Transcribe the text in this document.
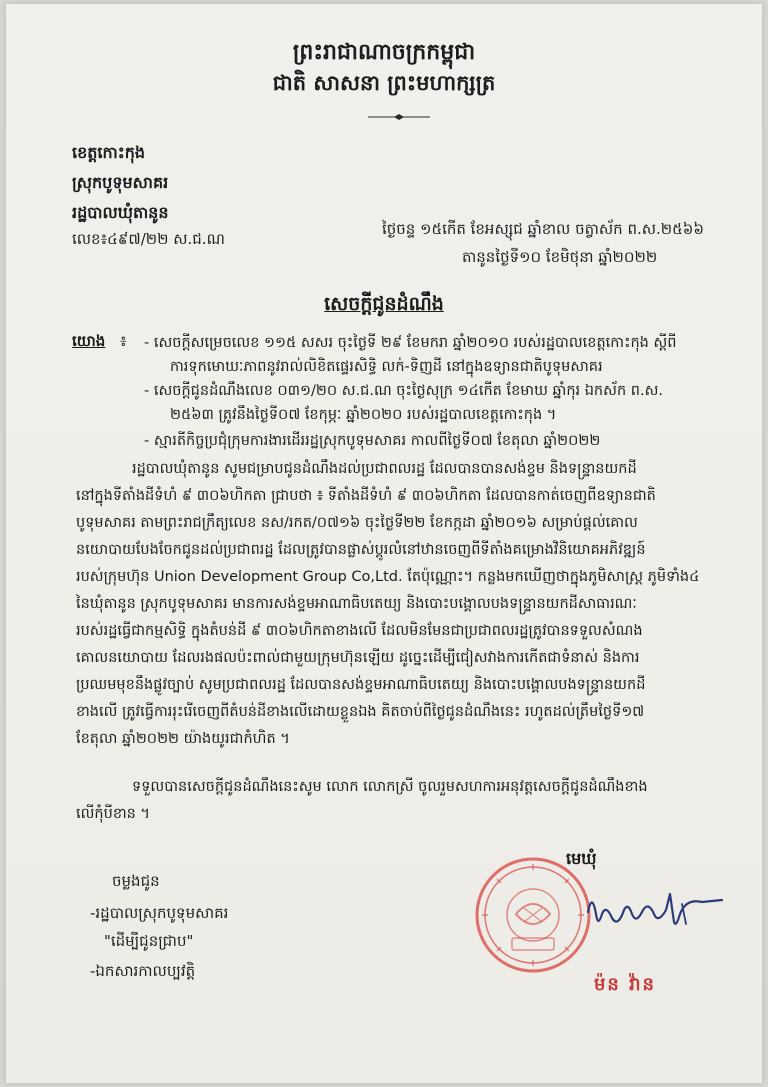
ព្រះរាជាណាចក្រកម្ពុជា
ជាតិ សាសនា ព្រះមហាក្សត្រ
ខេត្តកោះកុង
ស្រុកបូទុមសាគរ
រដ្ឋបាលឃុំតានូន
លេខ៖៤៩៧/២២ ស.ជ.ណ
ថ្ងៃចន្ទ ១៥កើត ខែអស្សុជ ឆ្នាំខាល ចត្វាស័ក ព.ស.២៥៦៦
តានូនថ្ងៃទី១០ ខែមិថុនា ឆ្នាំ២០២២
សេចក្តីជូនដំណឹង
យោង ៖ - សេចក្តីសម្រេចលេខ ១១៥ សសរ ចុះថ្ងៃទី ២៩ ខែមករា ឆ្នាំ២០១០ របស់រដ្ឋបាលខេត្តកោះកុង ស្តីពី
ការទុកមោឃៈភាពនូវរាល់លិខិតផ្ទេរសិទ្ធិ លក់-ទិញដី នៅក្នុងឧទ្យានជាតិបូទុមសាគរ
- សេចក្តីជូនដំណឹងលេខ ០៣១/២០ ស.ជ.ណ ចុះថ្ងៃសុក្រ ១៤កើត ខែមាឃ ឆ្នាំកុរ ឯកស័ក ព.ស.
២៥៦៣ ត្រូវនឹងថ្ងៃទី០៧ ខែកុម្ភៈ ឆ្នាំ២០២០ របស់រដ្ឋបាលខេត្តកោះកុង ។
- ស្មារតីកិច្ចប្រជុំក្រុមការងារដើររដ្ឋស្រុកបូទុមសាគរ កាលពីថ្ងៃទី០៧ ខែតុលា ឆ្នាំ២០២២
រដ្ឋបាលឃុំតានូន សូមជម្រាបជូនដំណឹងដល់ប្រជាពលរដ្ឋ ដែលបានបានសង់ខ្ទម និងទន្ទ្រានយកដី
នៅក្នុងទីតាំងដីទំហំ ៩ ៣០៦ហិកតា ជ្រាបថា ៖ ទីតាំងដីទំហំ ៩ ៣០៦ហិកតា ដែលបានកាត់ចេញពីឧទ្យានជាតិ
បូទុមសាគរ តាមព្រះរាជក្រឹត្យលេខ នស/រកត/០៧១៦ ចុះថ្ងៃទី២២ ខែកក្កដា ឆ្នាំ២០១៦ សម្រាប់ផ្តល់គោល
នយោបាយបែងចែកជូនដល់ប្រជាពរដ្ឋ ដែលត្រូវបានផ្លាស់ប្តូរលំនៅឋានចេញពីទីតាំងគម្រោងវិនិយោគអភិវឌ្ឍន៍
របស់ក្រុមហ៊ុន Union Development Group Co,Ltd. តែប៉ុណ្ណោះ។ កន្លងមកឃើញថាក្នុងភូមិសាស្ត្រ ភូមិទាំង៤
នៃឃុំតានូន ស្រុកបូទុមសាគរ មានការសង់ខ្ទមអាណាធិបតេយ្យ និងបោះបង្គោលបងទន្ទ្រានយកដីសាធារណៈ
របស់រដ្ឋធ្វើជាកម្មសិទ្ធិ ក្នុងតំបន់ដី ៩ ៣០៦ហិកតាខាងលើ ដែលមិនមែនជាប្រជាពលរដ្ឋត្រូវបានទទួលសំណង
គោលនយោបាយ ដែលរងផលប៉ះពាល់ជាមួយក្រុមហ៊ុនឡើយ ដូច្នេះដើម្បីជៀសវាងការកើតជាទំនាស់ និងការ
ប្រឈមមុខនឹងផ្លូវច្បាប់ សូមប្រជាពលរដ្ឋ ដែលបានសង់ខ្ទមអាណាធិបតេយ្យ និងបោះបង្គោលបងទន្ទ្រានយកដី
ខាងលើ ត្រូវធ្វើការរុះរើចេញពីតំបន់ដីខាងលើដោយខ្លួនឯង គិតចាប់ពីថ្ងៃជូនដំណឹងនេះ រហូតដល់ត្រឹមថ្ងៃទី១៧
ខែតុលា ឆ្នាំ២០២២ យ៉ាងយូរជាកំហិត ។
ទទួលបានសេចក្តីជូនដំណឹងនេះសូម លោក លោកស្រី ចូលរួមសហការអនុវត្តសេចក្តីជូនដំណឹងខាង
លើកុំបីខាន ។
ចម្លងជូន
-រដ្ឋបាលស្រុកបូទុមសាគរ
"ដើម្បីជូនជ្រាប"
-ឯកសារកាលប្បវត្តិ
មេឃុំ
ម៉ន វ៉ាន
